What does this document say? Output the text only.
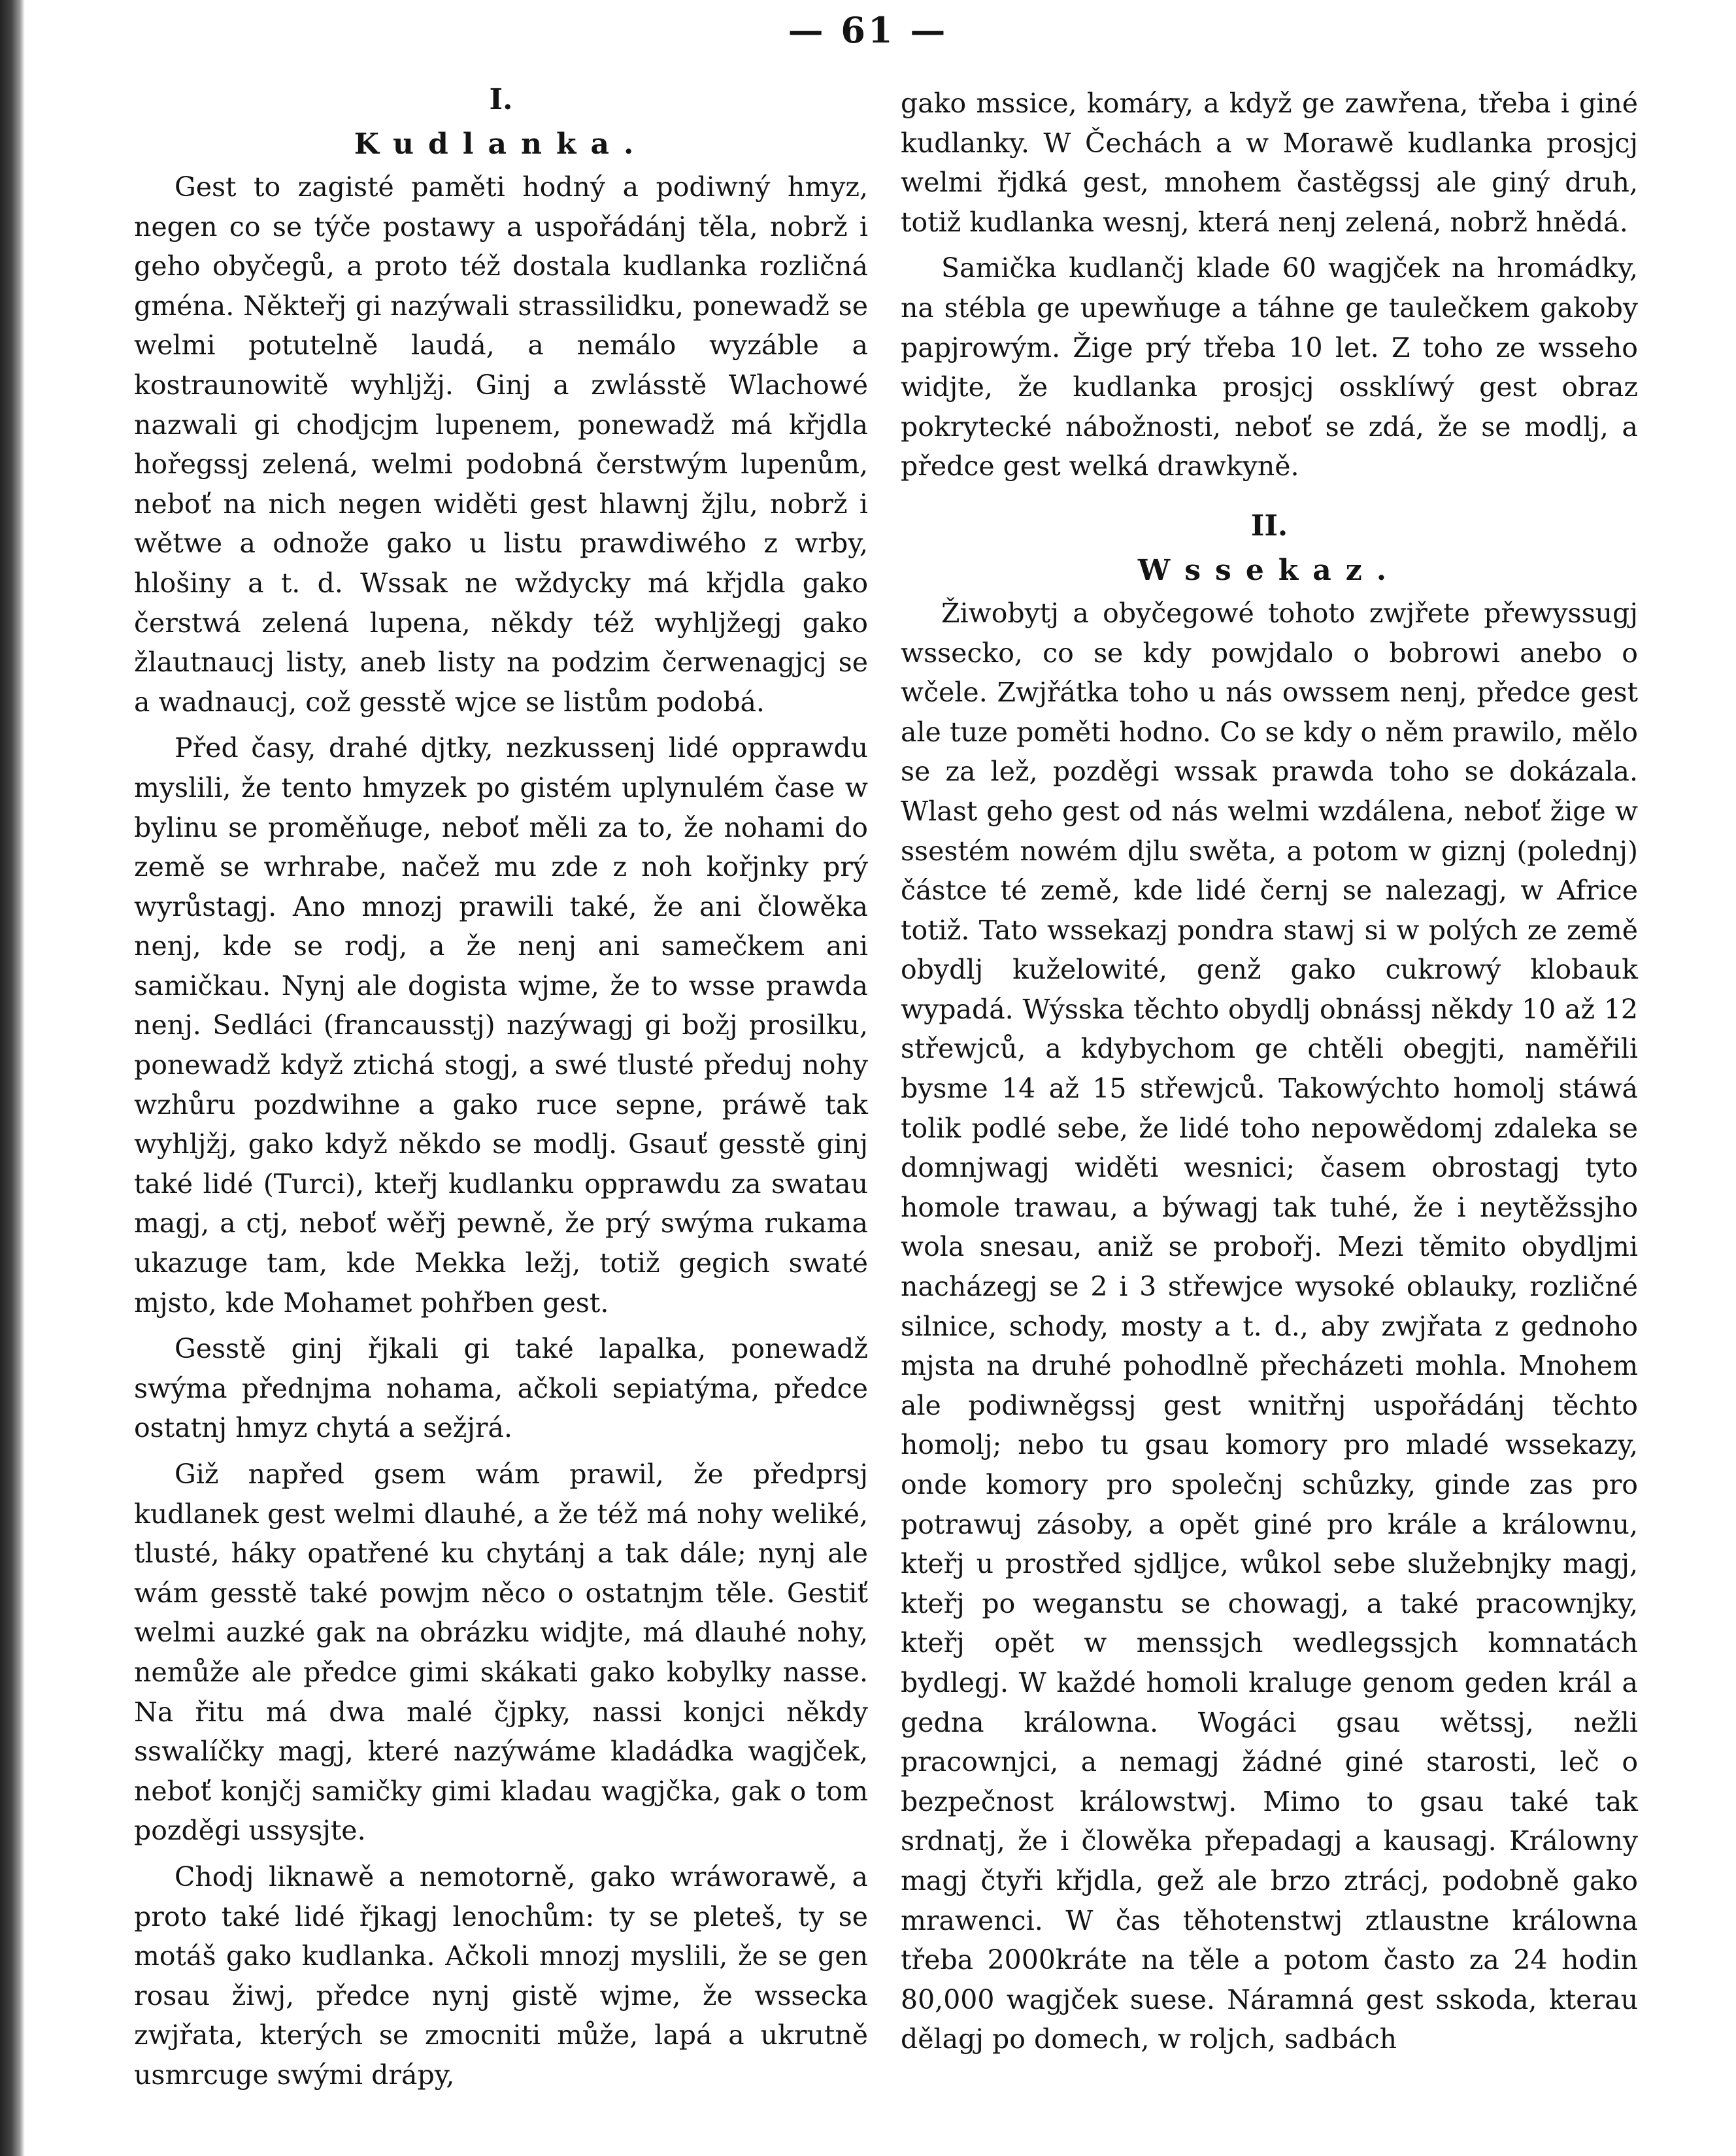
— 61 —
I.
Kudlanka.

Gest to zagisté paměti hodný a podiwný hmyz, negen co se týče postawy a uspořádánj těla, nobrž i geho obyčegů, a proto též dostala kudlanka rozličná gména. Někteřj gi nazýwali strassilidku, ponewadž se welmi potutelně laudá, a nemálo wyzáble a kostraunowitě wyhljžj. Ginj a zwlásstě Wlachowé nazwali gi chodjcjm lupenem, ponewadž má křjdla hořegssj zelená, welmi podobná čerstwým lupenům, neboť na nich negen widěti gest hlawnj žjlu, nobrž i wětwe a odnože gako u listu prawdiwého z wrby, hlošiny a t. d. Wssak ne wždycky má křjdla gako čerstwá zelená lupena, někdy též wyhljžegj gako žlautnaucj listy, aneb listy na podzim čerwenagjcj se a wadnaucj, což gesstě wjce se listům podobá.

Před časy, drahé djtky, nezkussenj lidé opprawdu myslili, že tento hmyzek po gistém uplynulém čase w bylinu se proměňuge, neboť měli za to, že nohami do země se wrhrabe, načež mu zde z noh kořjnky prý wyrůstagj. Ano mnozj prawili také, že ani člowěka nenj, kde se rodj, a že nenj ani samečkem ani samičkau. Nynj ale dogista wjme, že to wsse prawda nenj. Sedláci (francausstj) nazýwagj gi božj prosilku, ponewadž když ztichá stogj, a swé tlusté předuj nohy wzhůru pozdwihne a gako ruce sepne, práwě tak wyhljžj, gako když někdo se modlj. Gsauť gesstě ginj také lidé (Turci), kteřj kudlanku opprawdu za swatau magj, a ctj, neboť wěřj pewně, že prý swýma rukama ukazuge tam, kde Mekka ležj, totiž gegich swaté mjsto, kde Mohamet pohřben gest.

Gesstě ginj řjkali gi také lapalka, ponewadž swýma přednjma nohama, ačkoli sepiatýma, předce ostatnj hmyz chytá a sežjrá.

Giž napřed gsem wám prawil, že předprsj kudlanek gest welmi dlauhé, a že též má nohy weliké, tlusté, háky opatřené ku chytánj a tak dále; nynj ale wám gesstě také powjm něco o ostatnjm těle. Gestiť welmi auzké gak na obrázku widjte, má dlauhé nohy, nemůže ale předce gimi skákati gako kobylky nasse. Na řitu má dwa malé čjpky, nassi konjci někdy sswalíčky magj, které nazýwáme kladádka wagjček, neboť konjčj samičky gimi kladau wagjčka, gak o tom pozděgi ussysjte.

Chodj liknawě a nemotorně, gako wráworawě, a proto také lidé řjkagj lenochům: ty se pleteš, ty se motáš gako kudlanka. Ačkoli mnozj myslili, že se gen rosau žiwj, předce nynj gistě wjme, že wssecka zwjřata, kterých se zmocniti může, lapá a ukrutně usmrcuge swými drápy,

gako mssice, komáry, a když ge zawřena, třeba i giné kudlanky. W Čechách a w Morawě kudlanka prosjcj welmi řjdká gest, mnohem častěgssj ale giný druh, totiž kudlanka wesnj, která nenj zelená, nobrž hnědá.

Samička kudlančj klade 60 wagjček na hromádky, na stébla ge upewňuge a táhne ge taulečkem gakoby papjrowým. Žige prý třeba 10 let. Z toho ze wsseho widjte, že kudlanka prosjcj ossklíwý gest obraz pokrytecké nábožnosti, neboť se zdá, že se modlj, a předce gest welká drawkyně.

II.
Wssekaz.

Žiwobytj a obyčegowé tohoto zwjřete přewyssugj wssecko, co se kdy powjdalo o bobrowi anebo o wčele. Zwjřátka toho u nás owssem nenj, předce gest ale tuze poměti hodno. Co se kdy o něm prawilo, mělo se za lež, pozděgi wssak prawda toho se dokázala. Wlast geho gest od nás welmi wzdálena, neboť žige w ssestém nowém djlu swěta, a potom w giznj (polednj) částce té země, kde lidé černj se nalezagj, w Africe totiž. Tato wssekazj pondra stawj si w polých ze země obydlj kuželowité, genž gako cukrowý klobauk wypadá. Wýsska těchto obydlj obnássj někdy 10 až 12 střewjců, a kdybychom ge chtěli obegjti, naměřili bysme 14 až 15 střewjců. Takowýchto homolj stáwá tolik podlé sebe, že lidé toho nepowědomj zdaleka se domnjwagj widěti wesnici; časem obrostagj tyto homole trawau, a býwagj tak tuhé, že i neytěžssjho wola snesau, aniž se probořj. Mezi těmito obydljmi nacházegj se 2 i 3 střewjce wysoké oblauky, rozličné silnice, schody, mosty a t. d., aby zwjřata z gednoho mjsta na druhé pohodlně přecházeti mohla. Mnohem ale podiwněgssj gest wnitřnj uspořádánj těchto homolj; nebo tu gsau komory pro mladé wssekazy, onde komory pro společnj schůzky, ginde zas pro potrawuj zásoby, a opět giné pro krále a králownu, kteřj u prostřed sjdljce, wůkol sebe služebnjky magj, kteřj po weganstu se chowagj, a také pracownjky, kteřj opět w menssjch wedlegssjch komnatách bydlegj. W každé homoli kraluge genom geden král a gedna králowna. Wogáci gsau wětssj, nežli pracownjci, a nemagj žádné giné starosti, leč o bezpečnost králowstwj. Mimo to gsau také tak srdnatj, že i člowěka přepadagj a kausagj. Králowny magj čtyři křjdla, gež ale brzo ztrácj, podobně gako mrawenci. W čas těhotenstwj ztlaustne králowna třeba 2000kráte na těle a potom často za 24 hodin 80,000 wagjček suese. Náramná gest sskoda, kterau dělagj po domech, w roljch, sadbách
